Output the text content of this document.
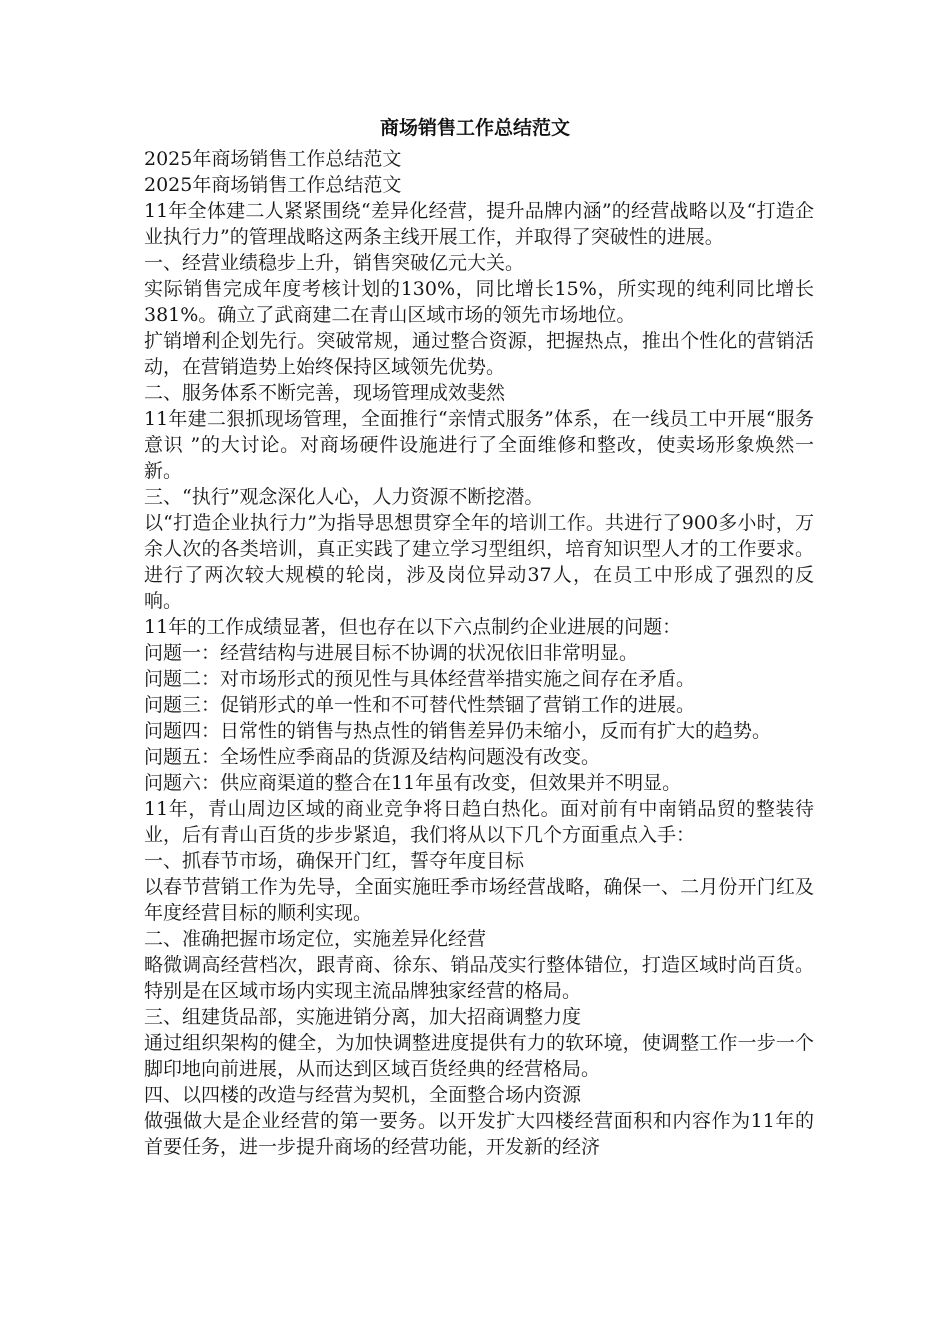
商场销售工作总结范文

2025年商场销售工作总结范文

2025年商场销售工作总结范文

11年全体建二人紧紧围绕“差异化经营，提升品牌内涵”的经营战略以及“打造企业执行力”的管理战略这两条主线开展工作，并取得了突破性的进展。

一、经营业绩稳步上升，销售突破亿元大关。

实际销售完成年度考核计划的130%，同比增长15%，所实现的纯利同比增长381%。确立了武商建二在青山区域市场的领先市场地位。

扩销增利企划先行。突破常规，通过整合资源，把握热点，推出个性化的营销活动，在营销造势上始终保持区域领先优势。

二、服务体系不断完善，现场管理成效斐然

11年建二狠抓现场管理，全面推行“亲情式服务”体系，在一线员工中开展“服务意识 ”的大讨论。对商场硬件设施进行了全面维修和整改，使卖场形象焕然一新。

三、“执行”观念深化人心，人力资源不断挖潜。

以“打造企业执行力”为指导思想贯穿全年的培训工作。共进行了900多小时，万余人次的各类培训，真正实践了建立学习型组织，培育知识型人才的工作要求。进行了两次较大规模的轮岗，涉及岗位异动37人，在员工中形成了强烈的反响。

11年的工作成绩显著，但也存在以下六点制约企业进展的问题：

问题一：经营结构与进展目标不协调的状况依旧非常明显。

问题二：对市场形式的预见性与具体经营举措实施之间存在矛盾。

问题三：促销形式的单一性和不可替代性禁锢了营销工作的进展。

问题四：日常性的销售与热点性的销售差异仍未缩小，反而有扩大的趋势。

问题五：全场性应季商品的货源及结构问题没有改变。

问题六：供应商渠道的整合在11年虽有改变，但效果并不明显。

11年，青山周边区域的商业竞争将日趋白热化。面对前有中南销品贸的整装待业，后有青山百货的步步紧追，我们将从以下几个方面重点入手：

一、抓春节市场，确保开门红，誓夺年度目标

以春节营销工作为先导，全面实施旺季市场经营战略，确保一、二月份开门红及年度经营目标的顺利实现。

二、准确把握市场定位，实施差异化经营

略微调高经营档次，跟青商、徐东、销品茂实行整体错位，打造区域时尚百货。特别是在区域市场内实现主流品牌独家经营的格局。

三、组建货品部，实施进销分离，加大招商调整力度

通过组织架构的健全，为加快调整进度提供有力的软环境，使调整工作一步一个脚印地向前进展，从而达到区域百货经典的经营格局。

四、以四楼的改造与经营为契机，全面整合场内资源

做强做大是企业经营的第一要务。以开发扩大四楼经营面积和内容作为11年的首要任务，进一步提升商场的经营功能，开发新的经济
